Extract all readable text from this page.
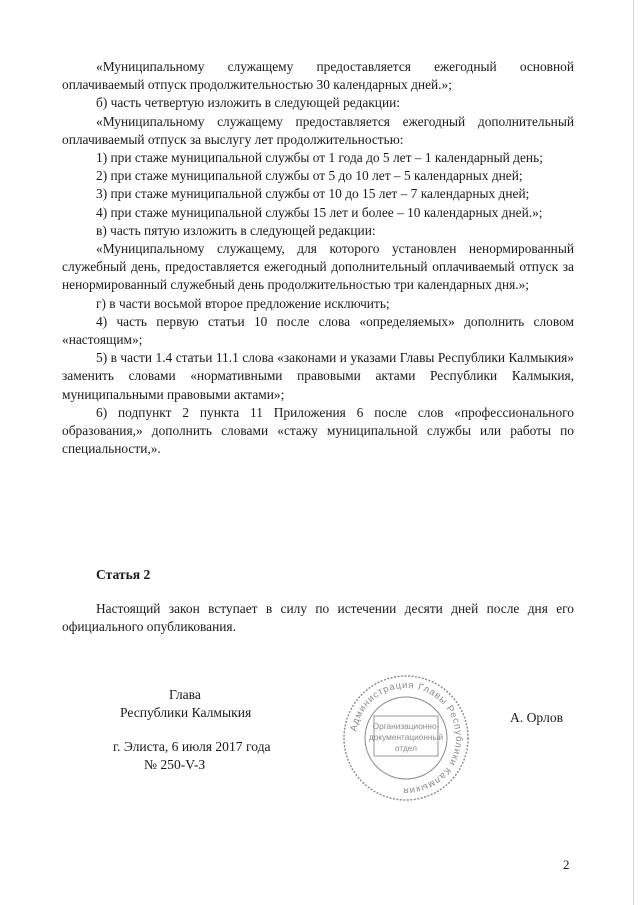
«Муниципальному служащему предоставляется ежегодный основной оплачиваемый отпуск продолжительностью 30 календарных дней.»;

б) часть четвертую изложить в следующей редакции:

«Муниципальному служащему предоставляется ежегодный дополнительный оплачиваемый отпуск за выслугу лет продолжительностью:

1) при стаже муниципальной службы от 1 года до 5 лет – 1 календарный день;

2) при стаже муниципальной службы от 5 до 10 лет – 5 календарных дней;

3) при стаже муниципальной службы от 10 до 15 лет – 7 календарных дней;

4) при стаже муниципальной службы 15 лет и более – 10 календарных дней.»;

в) часть пятую изложить в следующей редакции:

«Муниципальному служащему, для которого установлен ненормированный служебный день, предоставляется ежегодный дополнительный оплачиваемый отпуск за ненормированный служебный день продолжительностью три календарных дня.»;

г) в части восьмой второе предложение исключить;

4) часть первую статьи 10 после слова «определяемых» дополнить словом «настоящим»;

5) в части 1.4 статьи 11.1 слова «законами и указами Главы Республики Калмыкия» заменить словами «нормативными правовыми актами Республики Калмыкия, муниципальными правовыми актами»;

6) подпункт 2 пункта 11 Приложения 6 после слов «профессионального образования,» дополнить словами «стажу муниципальной службы или работы по специальности,».

Статья 2

Настоящий закон вступает в силу по истечении десяти дней после дня его официального опубликования.

Глава
Республики Калмыкия	А. Орлов
г. Элиста, 6 июля 2017 года
№ 250-V-З
Администрация Главы Республики Калмыкия
Организационно-
документационный
отдел
2
